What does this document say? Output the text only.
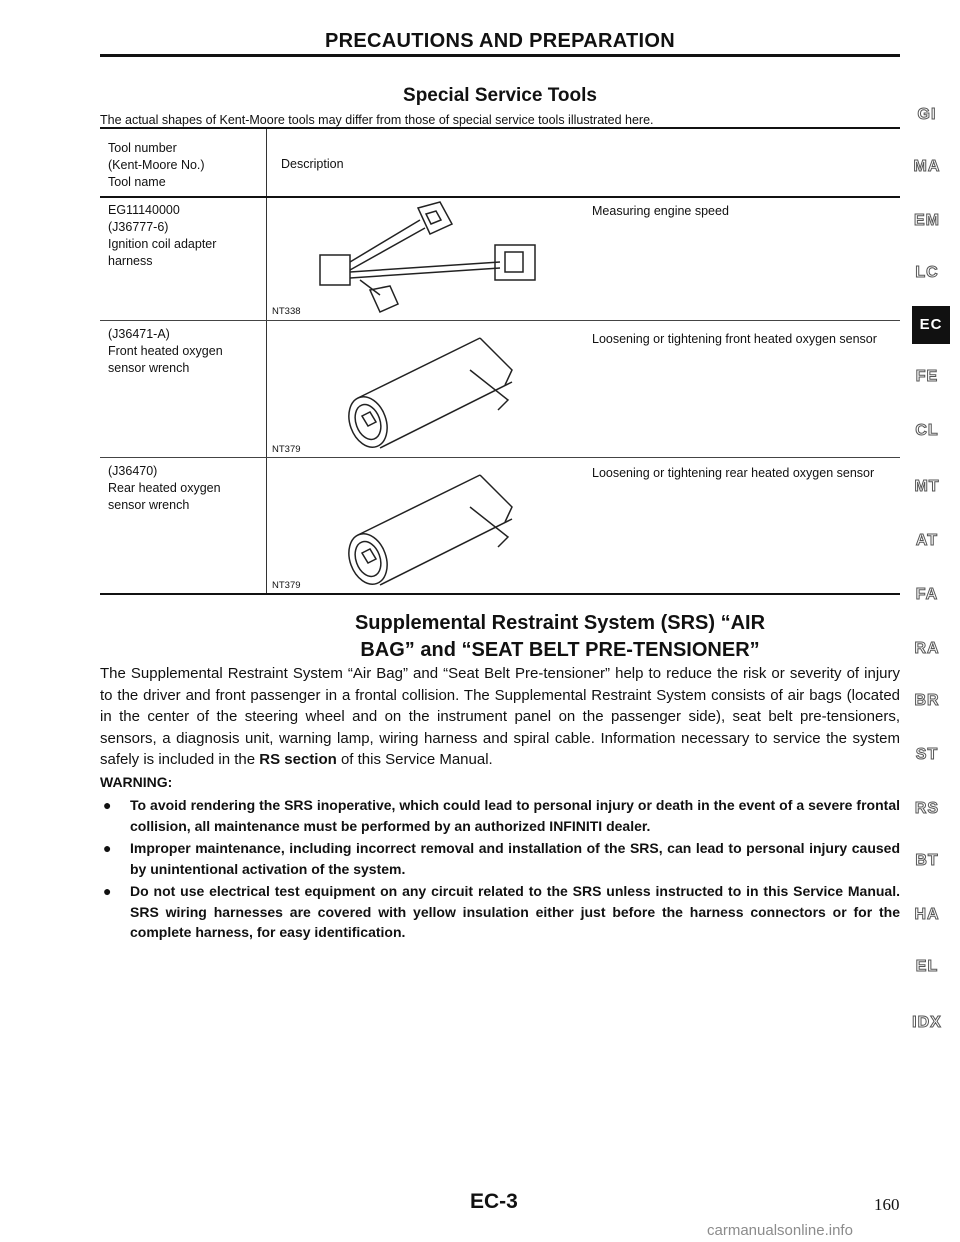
PRECAUTIONS AND PREPARATION
Special Service Tools
The actual shapes of Kent-Moore tools may differ from those of special service tools illustrated here.
Tool number
(Kent-Moore No.)
Tool name
Description
EG11140000
(J36777-6)
Ignition coil adapter
harness
NT338
Measuring engine speed
(J36471-A)
Front heated oxygen
sensor wrench
NT379
Loosening or tightening front heated oxygen sensor
(J36470)
Rear heated oxygen
sensor wrench
NT379
Loosening or tightening rear heated oxygen sensor
Supplemental Restraint System (SRS) “AIR
BAG” and “SEAT BELT PRE-TENSIONER”
The Supplemental Restraint System “Air Bag” and “Seat Belt Pre-tensioner” help to reduce the risk or severity of injury to the driver and front passenger in a frontal collision. The Supplemental Restraint System consists of air bags (located in the center of the steering wheel and on the instrument panel on the passenger side), seat belt pre-tensioners, sensors, a diagnosis unit, warning lamp, wiring harness and spiral cable. Information necessary to service the system safely is included in the RS section of this Service Manual.
WARNING:
● To avoid rendering the SRS inoperative, which could lead to personal injury or death in the event of a severe frontal collision, all maintenance must be performed by an authorized INFINITI dealer.
● Improper maintenance, including incorrect removal and installation of the SRS, can lead to personal injury caused by unintentional activation of the system.
● Do not use electrical test equipment on any circuit related to the SRS unless instructed to in this Service Manual. SRS wiring harnesses are covered with yellow insulation either just before the harness connectors or for the complete harness, for easy identification.
GI
MA
EM
LC
EC
FE
CL
MT
AT
FA
RA
BR
ST
RS
BT
HA
EL
IDX
EC-3	160
carmanualsonline.info
